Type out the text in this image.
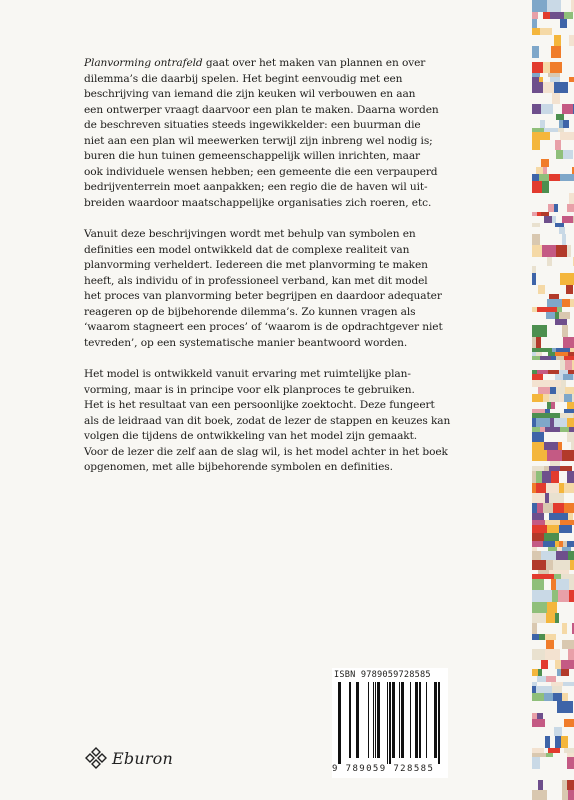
Planvorming ontrafeld gaat over het maken van plannen en over
dilemma’s die daarbij spelen. Het begint eenvoudig met een
beschrijving van iemand die zijn keuken wil verbouwen en aan
een ontwerper vraagt daarvoor een plan te maken. Daarna worden
de beschreven situaties steeds ingewikkelder: een buurman die
niet aan een plan wil meewerken terwijl zijn inbreng wel nodig is;
buren die hun tuinen gemeenschappelijk willen inrichten, maar
ook individuele wensen hebben; een gemeente die een verpauperd
bedrijventerrein moet aanpakken; een regio die de haven wil uit-
breiden waardoor maatschappelijke organisaties zich roeren, etc.

Vanuit deze beschrijvingen wordt met behulp van symbolen en
definities een model ontwikkeld dat de complexe realiteit van
planvorming verheldert. Iedereen die met planvorming te maken
heeft, als individu of in professioneel verband, kan met dit model
het proces van planvorming beter begrijpen en daardoor adequater
reageren op de bijbehorende dilemma’s. Zo kunnen vragen als
‘waarom stagneert een proces’ of ‘waarom is de opdrachtgever niet
tevreden’, op een systematische manier beantwoord worden.

Het model is ontwikkeld vanuit ervaring met ruimtelijke plan-
vorming, maar is in principe voor elk planproces te gebruiken.
Het is het resultaat van een persoonlijke zoektocht. Deze fungeert
als de leidraad van dit boek, zodat de lezer de stappen en keuzes kan
volgen die tijdens de ontwikkeling van het model zijn gemaakt.
Voor de lezer die zelf aan de slag wil, is het model achter in het boek
opgenomen, met alle bijbehorende symbolen en definities.

ISBN 9789059728585
9 789059 728585
Eburon
